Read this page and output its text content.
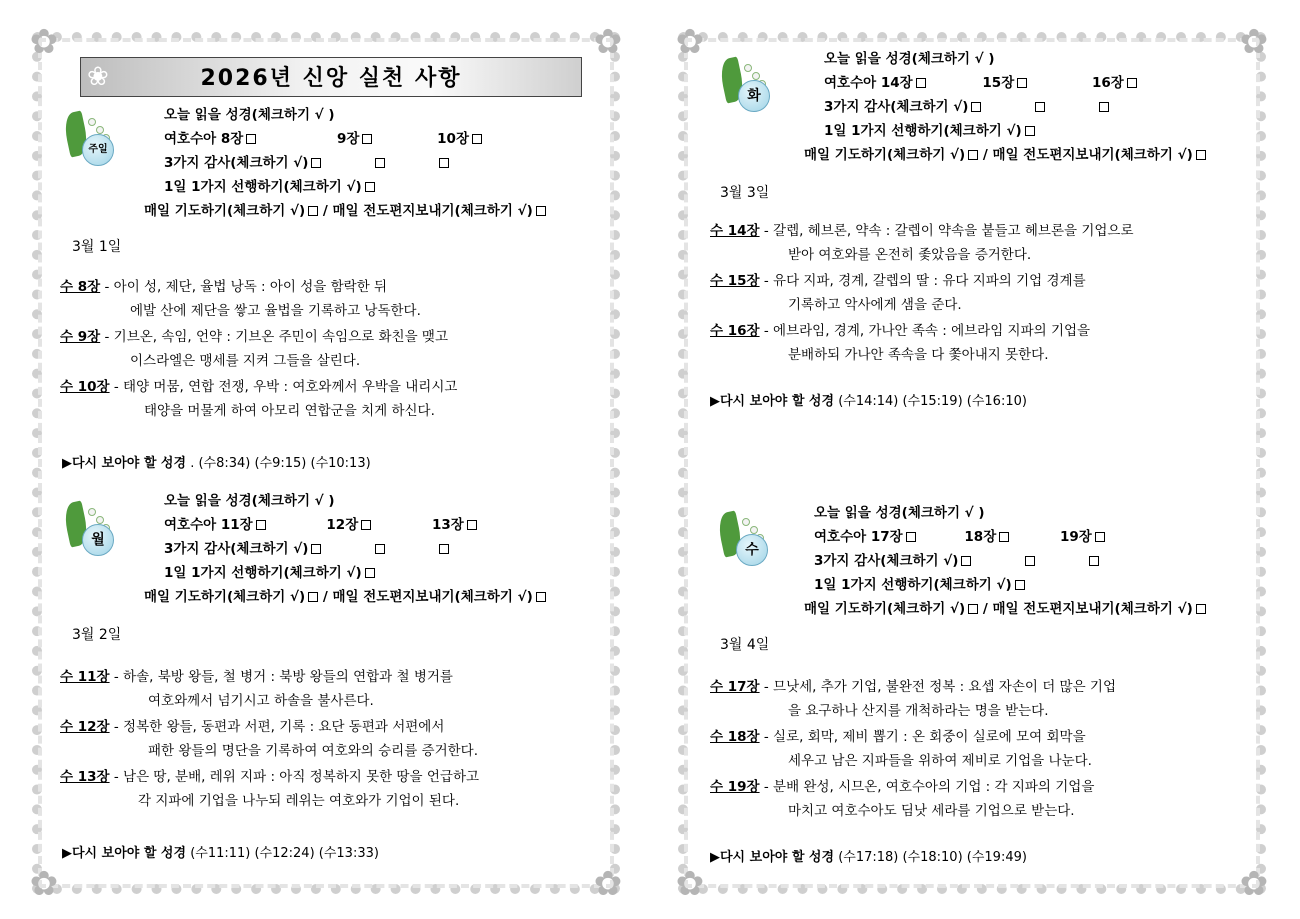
✿	✿
✿	✿
❀	2026년 신앙 실천 사항
주일
오늘 읽을 성경(체크하기 √ )
여호수아 8장	9장	10장
3가지 감사(체크하기 √)
1일 1가지 선행하기(체크하기 √)
매일 기도하기(체크하기 √) / 매일 전도편지보내기(체크하기 √)
3월 1일
수 8장 - 아이 성, 제단, 율법 낭독 : 아이 성을 함락한 뒤
에발 산에 제단을 쌓고 율법을 기록하고 낭독한다.
수 9장 - 기브온, 속임, 언약 : 기브온 주민이 속임으로 화친을 맺고
이스라엘은 맹세를 지켜 그들을 살린다.
수 10장 - 태양 머뭄, 연합 전쟁, 우박 : 여호와께서 우박을 내리시고
태양을 머물게 하여 아모리 연합군을 치게 하신다.
▶다시 보아야 할 성경 . (수8:34) (수9:15) (수10:13)
월
오늘 읽을 성경(체크하기 √ )
여호수아 11장	12장	13장
3가지 감사(체크하기 √)
1일 1가지 선행하기(체크하기 √)
매일 기도하기(체크하기 √) / 매일 전도편지보내기(체크하기 √)
3월 2일
수 11장 - 하솔, 북방 왕들, 철 병거 : 북방 왕들의 연합과 철 병거를
여호와께서 넘기시고 하솔을 불사른다.
수 12장 - 정복한 왕들, 동편과 서편, 기록 : 요단 동편과 서편에서
패한 왕들의 명단을 기록하여 여호와의 승리를 증거한다.
수 13장 - 남은 땅, 분배, 레위 지파 : 아직 정복하지 못한 땅을 언급하고
각 지파에 기업을 나누되 레위는 여호와가 기업이 된다.
▶다시 보아야 할 성경 (수11:11) (수12:24) (수13:33)
✿	✿
✿	✿
화
오늘 읽을 성경(체크하기 √ )
여호수아 14장	15장	16장
3가지 감사(체크하기 √)
1일 1가지 선행하기(체크하기 √)
매일 기도하기(체크하기 √) / 매일 전도편지보내기(체크하기 √)
3월 3일
수 14장 - 갈렙, 헤브론, 약속 : 갈렙이 약속을 붙들고 헤브론을 기업으로
받아 여호와를 온전히 좇았음을 증거한다.
수 15장 - 유다 지파, 경계, 갈렙의 딸 : 유다 지파의 기업 경계를
기록하고 악사에게 샘을 준다.
수 16장 - 에브라임, 경계, 가나안 족속 : 에브라임 지파의 기업을
분배하되 가나안 족속을 다 쫓아내지 못한다.
▶다시 보아야 할 성경 (수14:14) (수15:19) (수16:10)
수
오늘 읽을 성경(체크하기 √ )
여호수아 17장	18장	19장
3가지 감사(체크하기 √)
1일 1가지 선행하기(체크하기 √)
매일 기도하기(체크하기 √) / 매일 전도편지보내기(체크하기 √)
3월 4일
수 17장 - 므낫세, 추가 기업, 불완전 정복 : 요셉 자손이 더 많은 기업
을 요구하나 산지를 개척하라는 명을 받는다.
수 18장 - 실로, 회막, 제비 뽑기 : 온 회중이 실로에 모여 회막을
세우고 남은 지파들을 위하여 제비로 기업을 나눈다.
수 19장 - 분배 완성, 시므온, 여호수아의 기업 : 각 지파의 기업을
마치고 여호수아도 딤낫 세라를 기업으로 받는다.
▶다시 보아야 할 성경 (수17:18) (수18:10) (수19:49)
